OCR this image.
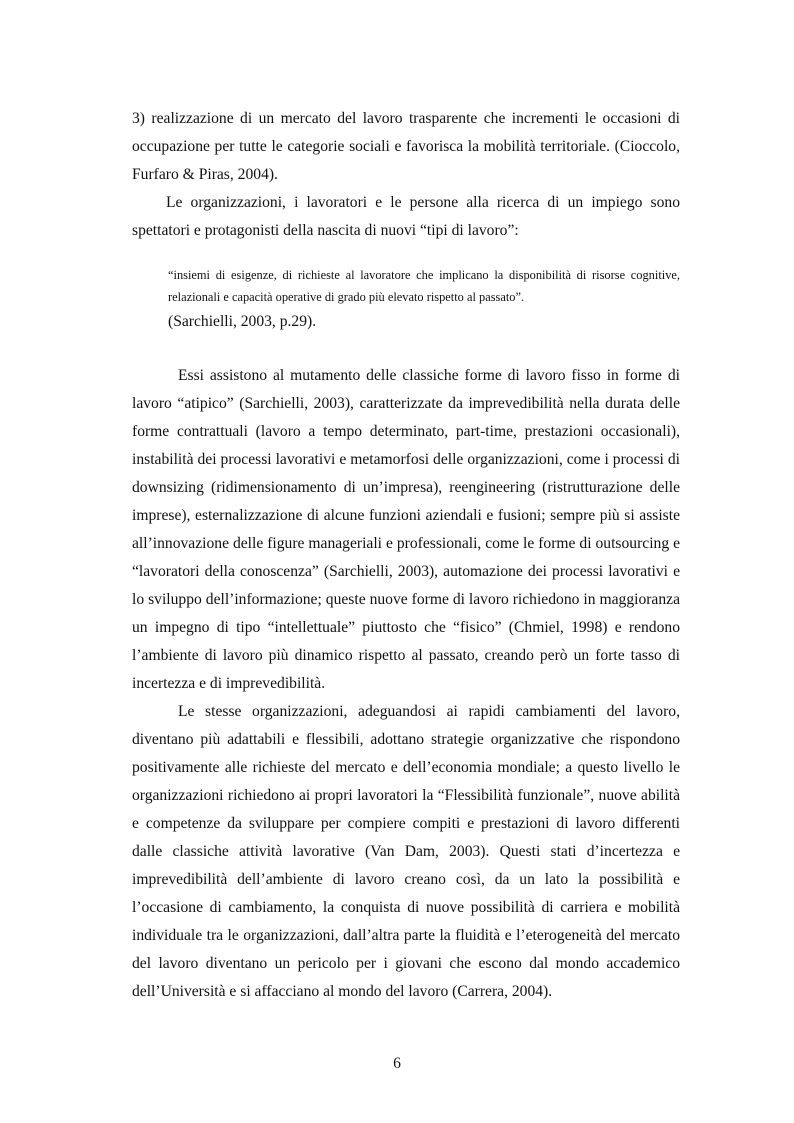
3) realizzazione di un mercato del lavoro trasparente che incrementi le occasioni di occupazione per tutte le categorie sociali e favorisca la mobilità territoriale. (Cioccolo, Furfaro & Piras, 2004).

Le organizzazioni, i lavoratori e le persone alla ricerca di un impiego sono spettatori e protagonisti della nascita di nuovi “tipi di lavoro”:

“insiemi di esigenze, di richieste al lavoratore che implicano la disponibilità di risorse cognitive, relazionali e capacità operative di grado più elevato rispetto al passato”.

(Sarchielli, 2003, p.29).

Essi assistono al mutamento delle classiche forme di lavoro fisso in forme di lavoro “atipico” (Sarchielli, 2003), caratterizzate da imprevedibilità nella durata delle forme contrattuali (lavoro a tempo determinato, part-time, prestazioni occasionali), instabilità dei processi lavorativi e metamorfosi delle organizzazioni, come i processi di downsizing (ridimensionamento di un’impresa), reengineering (ristrutturazione delle imprese), esternalizzazione di alcune funzioni aziendali e fusioni; sempre più si assiste all’innovazione delle figure manageriali e professionali, come le forme di outsourcing e “lavoratori della conoscenza” (Sarchielli, 2003), automazione dei processi lavorativi e lo sviluppo dell’informazione; queste nuove forme di lavoro richiedono in maggioranza un impegno di tipo “intellettuale” piuttosto che “fisico” (Chmiel, 1998) e rendono l’ambiente di lavoro più dinamico rispetto al passato, creando però un forte tasso di incertezza e di imprevedibilità.

Le stesse organizzazioni, adeguandosi ai rapidi cambiamenti del lavoro, diventano più adattabili e flessibili, adottano strategie organizzative che rispondono positivamente alle richieste del mercato e dell’economia mondiale; a questo livello le organizzazioni richiedono ai propri lavoratori la “Flessibilità funzionale”, nuove abilità e competenze da sviluppare per compiere compiti e prestazioni di lavoro differenti dalle classiche attività lavorative (Van Dam, 2003). Questi stati d’incertezza e imprevedibilità dell’ambiente di lavoro creano così, da un lato la possibilità e l’occasione di cambiamento, la conquista di nuove possibilità di carriera e mobilità individuale tra le organizzazioni, dall’altra parte la fluidità e l’eterogeneità del mercato del lavoro diventano un pericolo per i giovani che escono dal mondo accademico dell’Università e si affacciano al mondo del lavoro (Carrera, 2004).

6
